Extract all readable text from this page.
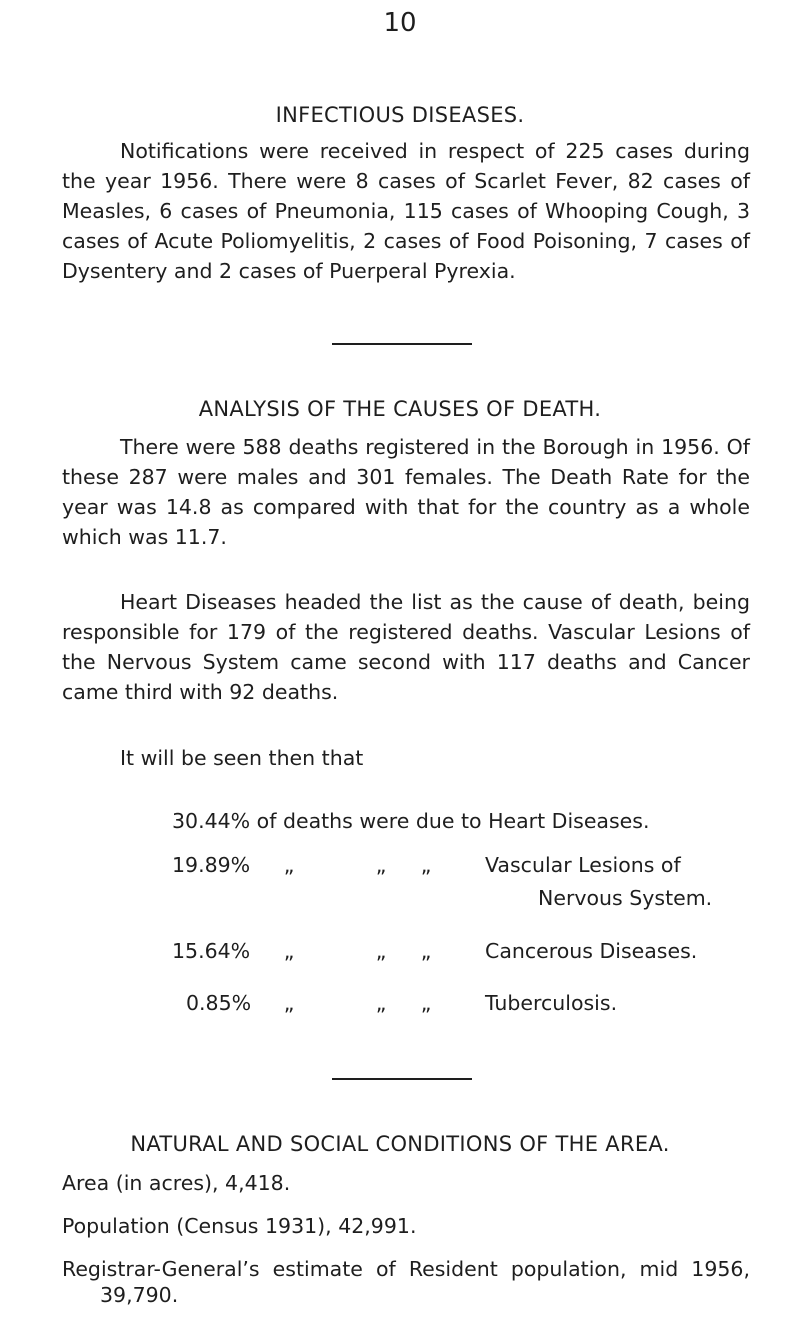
10
INFECTIOUS DISEASES.
Notifications were received in respect of 225 cases during the year 1956. There were 8 cases of Scarlet Fever, 82 cases of Measles, 6 cases of Pneumonia, 115 cases of Whooping Cough, 3 cases of Acute Poliomyelitis, 2 cases of Food Poisoning, 7 cases of Dysentery and 2 cases of Puerperal Pyrexia.
ANALYSIS OF THE CAUSES OF DEATH.
There were 588 deaths registered in the Borough in 1956. Of these 287 were males and 301 females. The Death Rate for the year was 14.8 as compared with that for the country as a whole which was 11.7.
Heart Diseases headed the list as the cause of death, being responsible for 179 of the registered deaths. Vascular Lesions of the Nervous System came second with 117 deaths and Cancer came third with 92 deaths.
It will be seen then that
30.44% of deaths were due to Heart Diseases.
19.89%	„	„	„	Vascular Lesions of
Nervous System.
15.64%	„	„	„	Cancerous Diseases.
0.85%	„	„	„	Tuberculosis.
NATURAL AND SOCIAL CONDITIONS OF THE AREA.
Area (in acres), 4,418.
Population (Census 1931), 42,991.
Registrar-General’s estimate of Resident population, mid 1956,
39,790.
